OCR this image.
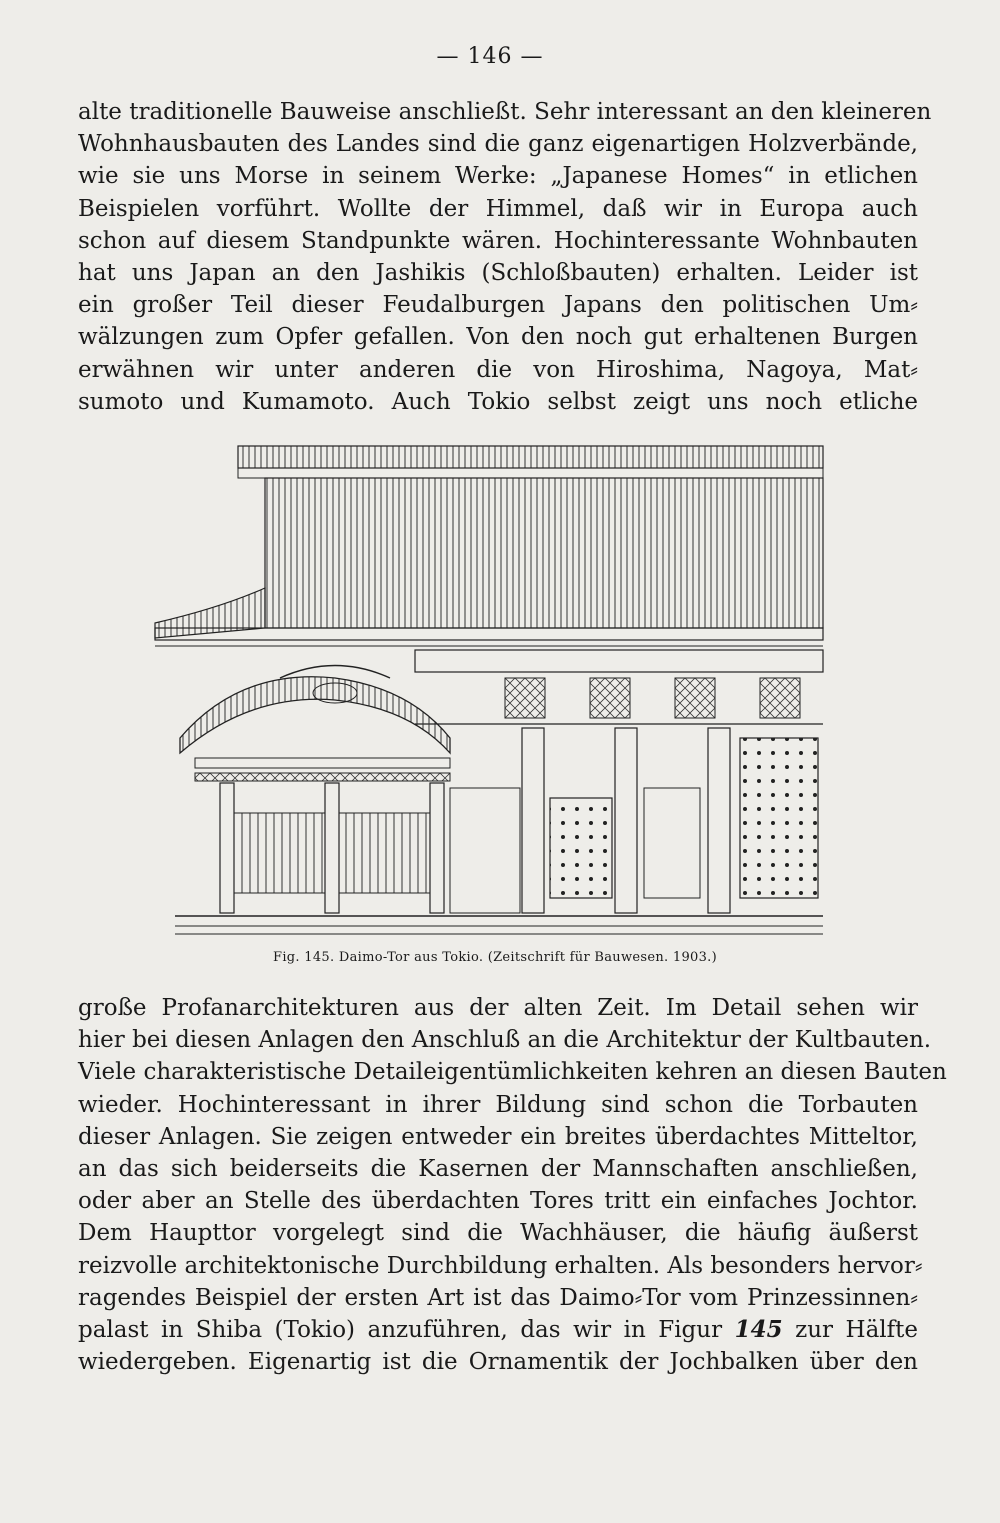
— 146 —
alte traditionelle Bauweise anschließt. Sehr interessant an den kleineren
Wohnhausbauten des Landes sind die ganz eigenartigen Holzverbände,
wie sie uns Morse in seinem Werke: „Japanese Homes“ in etlichen
Beispielen vorführt. Wollte der Himmel, daß wir in Europa auch
schon auf diesem Standpunkte wären. Hochinteressante Wohnbauten
hat uns Japan an den Jashikis (Schloßbauten) erhalten. Leider ist
ein großer Teil dieser Feudalburgen Japans den politischen Um⸗
wälzungen zum Opfer gefallen. Von den noch gut erhaltenen Burgen
erwähnen wir unter anderen die von Hiroshima, Nagoya, Mat⸗
sumoto und Kumamoto. Auch Tokio selbst zeigt uns noch etliche
Fig. 145. Daimo-Tor aus Tokio. (Zeitschrift für Bauwesen. 1903.)
große Profanarchitekturen aus der alten Zeit. Im Detail sehen wir
hier bei diesen Anlagen den Anschluß an die Architektur der Kultbauten.
Viele charakteristische Detaileigentümlichkeiten kehren an diesen Bauten
wieder. Hochinteressant in ihrer Bildung sind schon die Torbauten
dieser Anlagen. Sie zeigen entweder ein breites überdachtes Mitteltor,
an das sich beiderseits die Kasernen der Mannschaften anschließen,
oder aber an Stelle des überdachten Tores tritt ein einfaches Jochtor.
Dem Haupttor vorgelegt sind die Wachhäuser, die häufig äußerst
reizvolle architektonische Durchbildung erhalten. Als besonders hervor⸗
ragendes Beispiel der ersten Art ist das Daimo⸗Tor vom Prinzessinnen⸗
palast in Shiba (Tokio) anzuführen, das wir in Figur 145 zur Hälfte
wiedergeben. Eigenartig ist die Ornamentik der Jochbalken über den
